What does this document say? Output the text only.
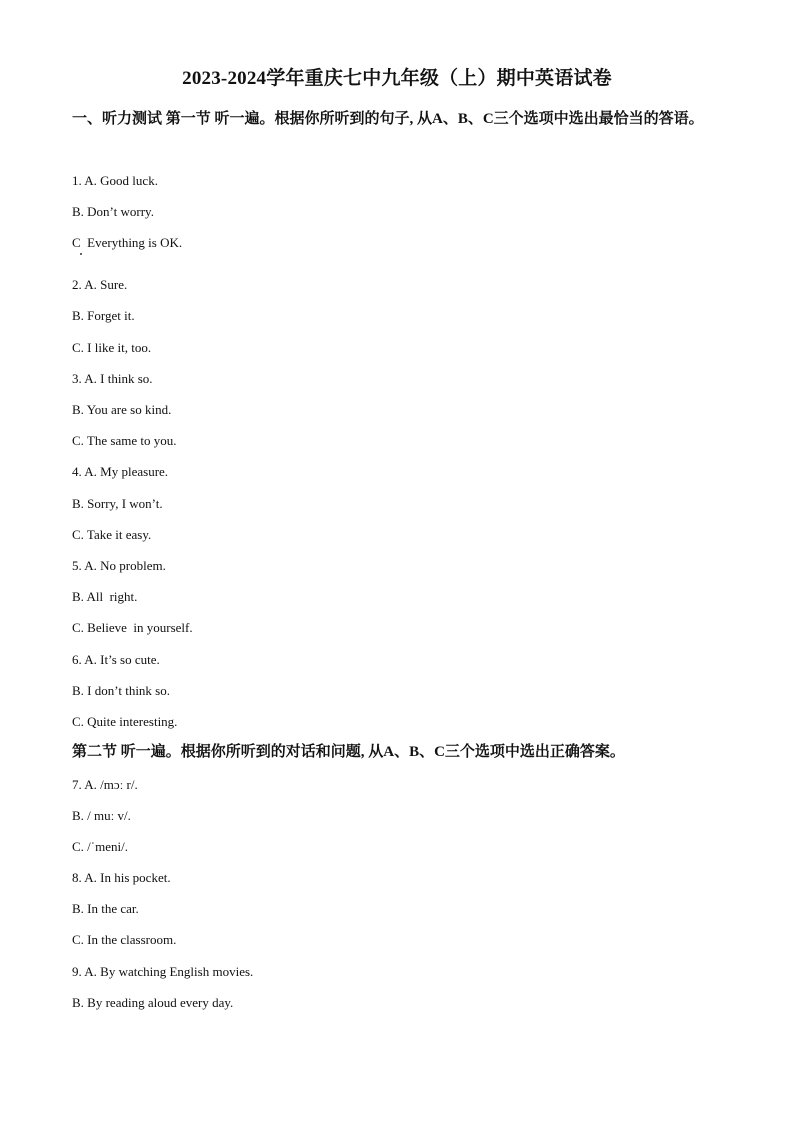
2023-2024学年重庆七中九年级（上）期中英语试卷
一、听力测试 第一节 听一遍。根据你所听到的句子, 从A、B、C三个选项中选出最恰当的答语。
1. A. Good luck.
B. Don’t worry.
C  Everything is OK.
2. A. Sure.
B. Forget it.
C. I like it, too.
3. A. I think so.
B. You are so kind.
C. The same to you.
4. A. My pleasure.
B. Sorry, I won’t.
C. Take it easy.
5. A. No problem.
B. All  right.
C. Believe  in yourself.
6. A. It’s so cute.
B. I don’t think so.
C. Quite interesting.
第二节 听一遍。根据你所听到的对话和问题, 从A、B、C三个选项中选出正确答案。
7. A. /mɔː r/.
B. / muː v/.
C. /ˈmeni/.
8. A. In his pocket.
B. In the car.
C. In the classroom.
9. A. By watching English movies.
B. By reading aloud every day.
